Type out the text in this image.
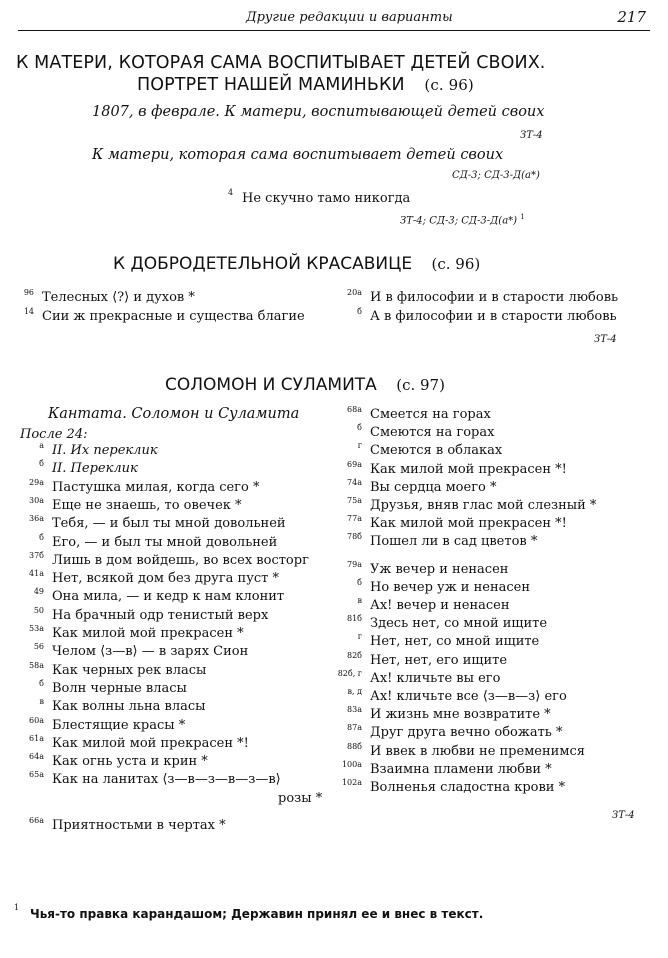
Другие редакции и варианты	217
К МАТЕРИ, КОТОРАЯ САМА ВОСПИТЫВАЕТ ДЕТЕЙ СВОИХ.
ПОРТРЕТ НАШЕЙ МАМИНЬКИ (с. 96)
1807, в феврале. К матери, воспитывающей детей своих
ЗТ-4
К матери, которая сама воспитывает детей своих
СД-3; СД-3-Д(а*)
4 Не скучно тамо никогда
ЗТ-4; СД-3; СД-3-Д(а*) $^1$
К ДОБРОДЕТЕЛЬНОЙ КРАСАВИЦЕ (с. 96)
96 Телесных ⟨?⟩ и духов *
14 Сии ж прекрасные и существа благие
20а И в философии и в старости любовь
б А в философии и в старости любовь
ЗТ-4
СОЛОМОН И СУЛАМИТА (с. 97)
Кантата. Соломон и Суламита
После 24:
а II. Их переклик
б II. Переклик
29а Пастушка милая, когда сего *
30а Еще не знаешь, то овечек *
36а Тебя, — и был ты мной довольней
б Его, — и был ты мной довольней
37б Лишь в дом войдешь, во всех восторг
41а Нет, всякой дом без друга пуст *
49 Она мила, — и кедр к нам клонит
50 На брачный одр тенистый верх
53а Как милой мой прекрасен *
56 Челом ⟨з—в⟩ — в зарях Сион
58а Как черных рек власы
б Волн черные власы
в Как волны льна власы
60а Блестящие красы *
61а Как милой мой прекрасен *!
64а Как огнь уста и крин *
65а Как на ланитах ⟨з—в—з—в—з—в⟩
розы *
66а Приятностьми в чертах *
68а Смеется на горах
б Смеются на горах
г Смеются в облаках
69а Как милой мой прекрасен *!
74а Вы сердца моего *
75а Друзья, вняв глас мой слезный *
77а Как милой мой прекрасен *!
78б Пошел ли в сад цветов *
79а Уж вечер и ненасен
б Но вечер уж и ненасен
в Ах! вечер и ненасен
81б Здесь нет, со мной ищите
г Нет, нет, со мной ищите
82б Нет, нет, его ищите
82б, г Ах! кличьте вы его
в, д Ах! кличьте все ⟨з—в—з⟩ его
83а И жизнь мне возвратите *
87а Друг друга вечно обожать *
88б И ввек в любви не пременимся
100а Взаимна пламени любви *
102а Волненья сладостна крови *
ЗТ-4
1 Чья-то правка карандашом; Державин принял ее и внес в текст.
